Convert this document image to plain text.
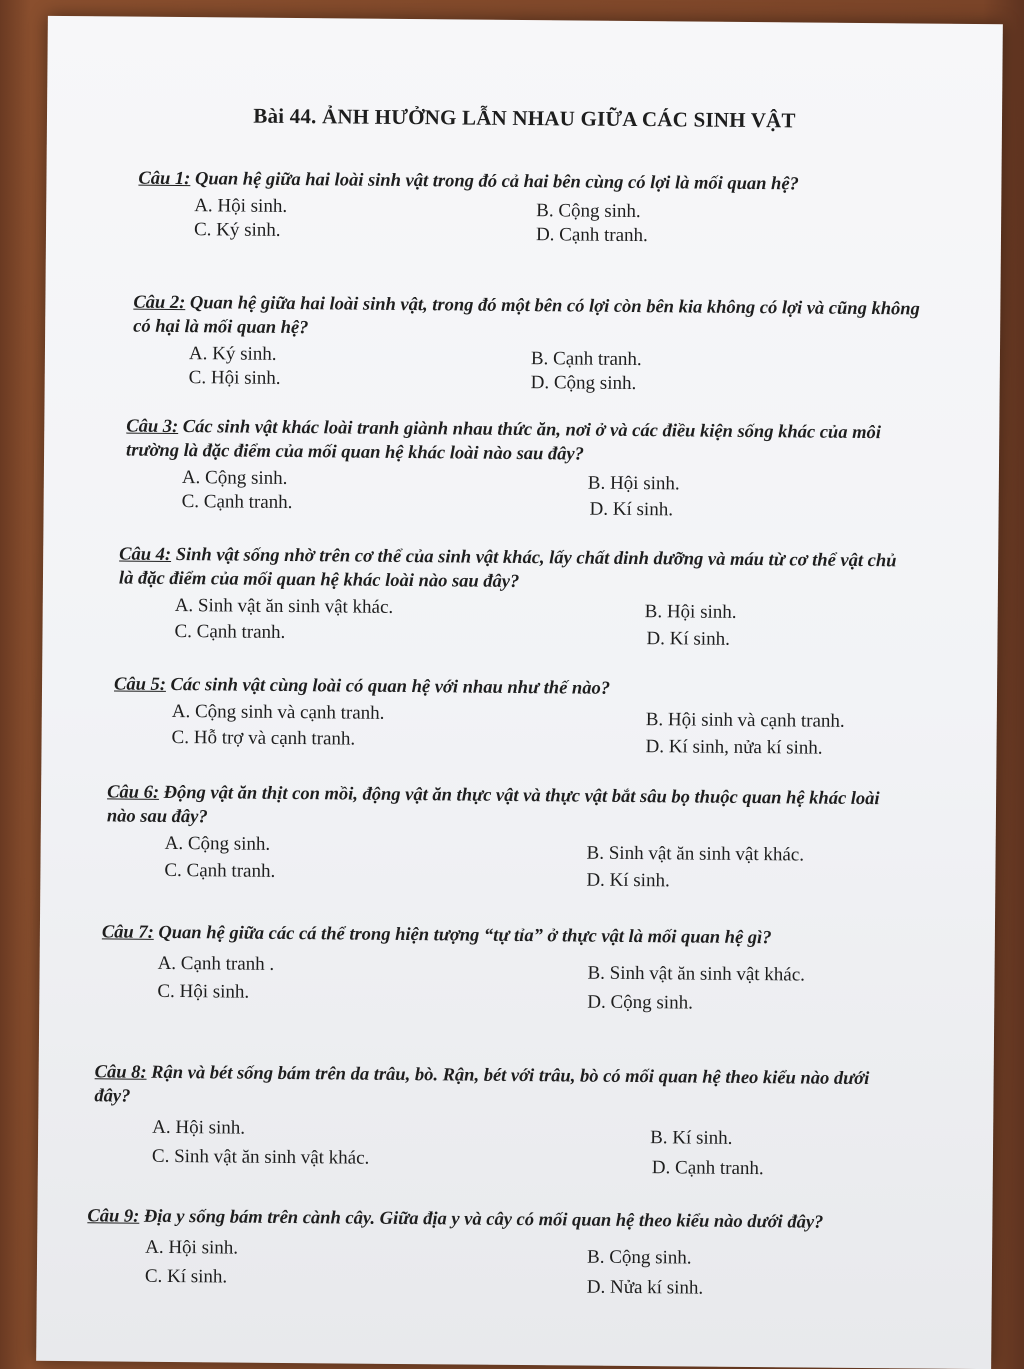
Bài 44. ẢNH HƯỞNG LẪN NHAU GIỮA CÁC SINH VẬT
Câu 1: Quan hệ giữa hai loài sinh vật trong đó cả hai bên cùng có lợi là mối quan hệ?
A. Hội sinh.	B. Cộng sinh.
C. Ký sinh.	D. Cạnh tranh.
Câu 2: Quan hệ giữa hai loài sinh vật, trong đó một bên có lợi còn bên kia không có lợi và cũng không có hại là mối quan hệ?
A. Ký sinh.	B. Cạnh tranh.
C. Hội sinh.	D. Cộng sinh.
Câu 3: Các sinh vật khác loài tranh giành nhau thức ăn, nơi ở và các điều kiện sống khác của môi trường là đặc điểm của mối quan hệ khác loài nào sau đây?
A. Cộng sinh.	B. Hội sinh.
C. Cạnh tranh.	D. Kí sinh.
Câu 4: Sinh vật sống nhờ trên cơ thể của sinh vật khác, lấy chất dinh dưỡng và máu từ cơ thể vật chủ là đặc điểm của mối quan hệ khác loài nào sau đây?
A. Sinh vật ăn sinh vật khác.	B. Hội sinh.
C. Cạnh tranh.	D. Kí sinh.
Câu 5: Các sinh vật cùng loài có quan hệ với nhau như thế nào?
A. Cộng sinh và cạnh tranh.	B. Hội sinh và cạnh tranh.
C. Hỗ trợ và cạnh tranh.	D. Kí sinh, nửa kí sinh.
Câu 6: Động vật ăn thịt con mồi, động vật ăn thực vật và thực vật bắt sâu bọ thuộc quan hệ khác loài nào sau đây?
A. Cộng sinh.	B. Sinh vật ăn sinh vật khác.
C. Cạnh tranh.	D. Kí sinh.
Câu 7: Quan hệ giữa các cá thể trong hiện tượng “tự tỉa” ở thực vật là mối quan hệ gì?
A. Cạnh tranh .	B. Sinh vật ăn sinh vật khác.
C. Hội sinh.	D. Cộng sinh.
Câu 8: Rận và bét sống bám trên da trâu, bò. Rận, bét với trâu, bò có mối quan hệ theo kiểu nào dưới đây?
A. Hội sinh.	B. Kí sinh.
C. Sinh vật ăn sinh vật khác.	D. Cạnh tranh.
Câu 9: Địa y sống bám trên cành cây. Giữa địa y và cây có mối quan hệ theo kiểu nào dưới đây?
A. Hội sinh.	B. Cộng sinh.
C. Kí sinh.	D. Nửa kí sinh.
